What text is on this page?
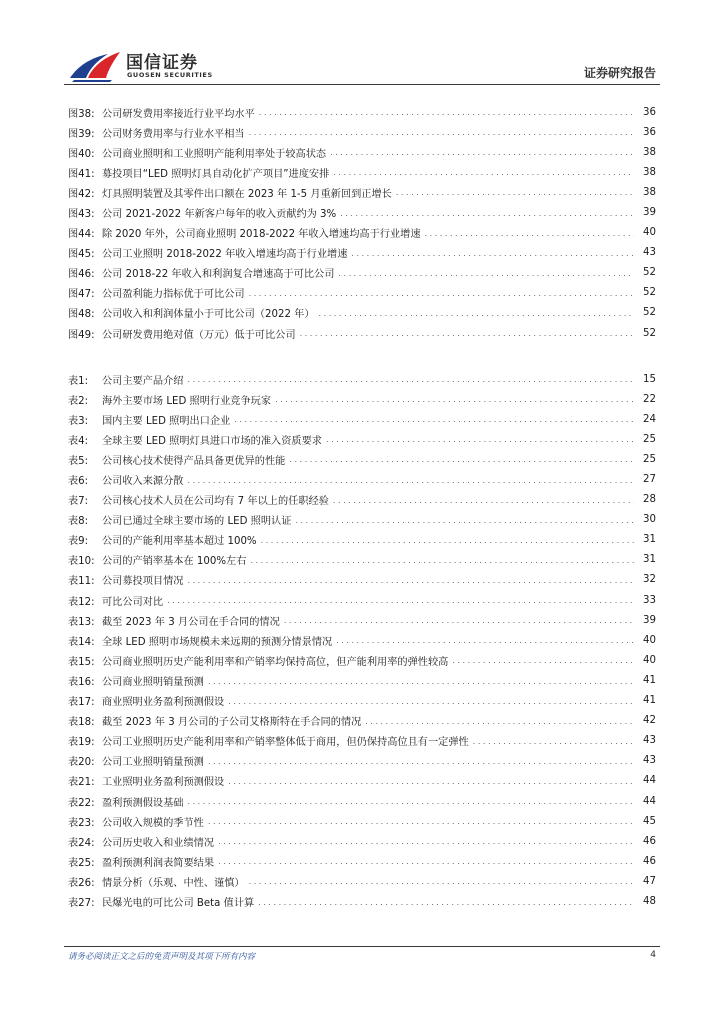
国信证券
GUOSEN SECURITIES	证券研究报告
图38: 公司研发费用率接近行业平均水平 . . .	36
图39: 公司财务费用率与行业水平相当 . . .	36
图40: 公司商业照明和工业照明产能利用率处于较高状态 . . .	38
图41: 募投项目“LED 照明灯具自动化扩产项目”进度安排 . . .	38
图42: 灯具照明装置及其零件出口额在 2023 年 1-5 月重新回到正增长 . . .	38
图43: 公司 2021-2022 年新客户每年的收入贡献约为 3% . . .	39
图44: 除 2020 年外，公司商业照明 2018-2022 年收入增速均高于行业增速 . . .	40
图45: 公司工业照明 2018-2022 年收入增速均高于行业增速 . . .	43
图46: 公司 2018-22 年收入和利润复合增速高于可比公司 . . .	52
图47: 公司盈利能力指标优于可比公司 . . .	52
图48: 公司收入和利润体量小于可比公司（2022 年） . . .	52
图49: 公司研发费用绝对值（万元）低于可比公司 . . .	52
表1:	公司主要产品介绍 . . .	15
表2:	海外主要市场 LED 照明行业竞争玩家 . . .	22
表3:	国内主要 LED 照明出口企业 . . .	24
表4:	全球主要 LED 照明灯具进口市场的准入资质要求 . . .	25
表5:	公司核心技术使得产品具备更优异的性能 . . .	25
表6:	公司收入来源分散 . . .	27
表7:	公司核心技术人员在公司均有 7 年以上的任职经验 . . .	28
表8:	公司已通过全球主要市场的 LED 照明认证 . . .	30
表9:	公司的产能利用率基本超过 100% . . .	31
表10: 公司的产销率基本在 100%左右 . . .	31
表11: 公司募投项目情况 . . .	32
表12: 可比公司对比 . . .	33
表13: 截至 2023 年 3 月公司在手合同的情况 . . .	39
表14: 全球 LED 照明市场规模未来远期的预测分情景情况 . . .	40
表15: 公司商业照明历史产能利用率和产销率均保持高位，但产能利用率的弹性较高 . . .	40
表16: 公司商业照明销量预测 . . .	41
表17: 商业照明业务盈利预测假设 . . .	41
表18: 截至 2023 年 3 月公司的子公司艾格斯特在手合同的情况 . . .	42
表19: 公司工业照明历史产能利用率和产销率整体低于商用，但仍保持高位且有一定弹性 . . .	43
表20: 公司工业照明销量预测 . . .	43
表21: 工业照明业务盈利预测假设 . . .	44
表22: 盈利预测假设基础 . . .	44
表23: 公司收入规模的季节性 . . .	45
表24: 公司历史收入和业绩情况 . . .	46
表25: 盈利预测利润表简要结果 . . .	46
表26: 情景分析（乐观、中性、谨慎） . . .	47
表27: 民爆光电的可比公司 Beta 值计算 . . .	48
请务必阅读正文之后的免责声明及其项下所有内容	4
